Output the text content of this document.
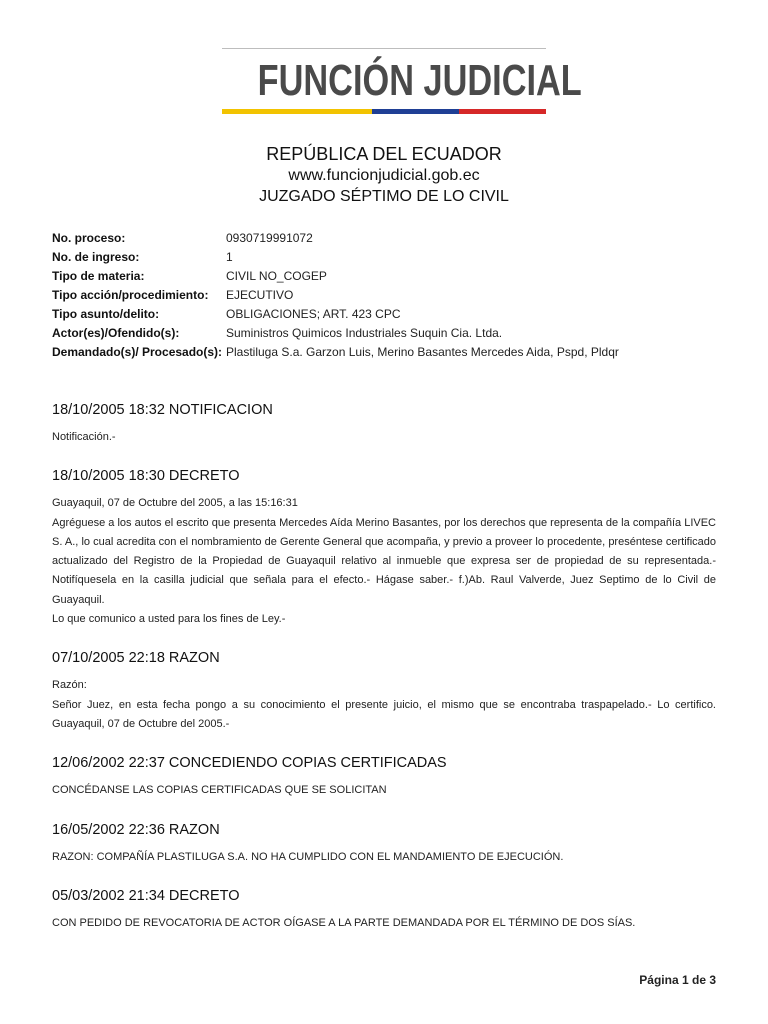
FUNCIÓN JUDICIAL
REPÚBLICA DEL ECUADOR
www.funcionjudicial.gob.ec
JUZGADO SÉPTIMO DE LO CIVIL
No. proceso:	0930719991072
No. de ingreso:	1
Tipo de materia:	CIVIL NO_COGEP
Tipo acción/procedimiento:	EJECUTIVO
Tipo asunto/delito:	OBLIGACIONES; ART. 423 CPC
Actor(es)/Ofendido(s):	Suministros Quimicos Industriales Suquin Cia. Ltda.
Demandado(s)/ Procesado(s): Plastiluga S.a. Garzon Luis, Merino Basantes Mercedes Aida, Pspd, Pldqr
18/10/2005 18:32 NOTIFICACION

Notificación.-

18/10/2005 18:30 DECRETO

Guayaquil, 07 de Octubre del 2005, a las 15:16:31

Agréguese a los autos el escrito que presenta Mercedes Aída Merino Basantes, por los derechos que representa de la compañía LIVEC S. A., lo cual acredita con el nombramiento de Gerente General que acompaña, y previo a proveer lo procedente, preséntese certificado actualizado del Registro de la Propiedad de Guayaquil relativo al inmueble que expresa ser de propiedad de su representada.- Notifíquesela en la casilla judicial que señala para el efecto.- Hágase saber.- f.)Ab. Raul Valverde, Juez Septimo de lo Civil de Guayaquil.

Lo que comunico a usted para los fines de Ley.-

07/10/2005 22:18 RAZON

Razón:

Señor Juez, en esta fecha pongo a su conocimiento el presente juicio, el mismo que se encontraba traspapelado.- Lo certifico. Guayaquil, 07 de Octubre del 2005.-

12/06/2002 22:37 CONCEDIENDO COPIAS CERTIFICADAS

CONCÉDANSE LAS COPIAS CERTIFICADAS QUE SE SOLICITAN

16/05/2002 22:36 RAZON

RAZON: COMPAÑÍA PLASTILUGA S.A. NO HA CUMPLIDO CON EL MANDAMIENTO DE EJECUCIÓN.

05/03/2002 21:34 DECRETO

CON PEDIDO DE REVOCATORIA DE ACTOR OÍGASE A LA PARTE DEMANDADA POR EL TÉRMINO DE DOS SÍAS.

Página 1 de 3
